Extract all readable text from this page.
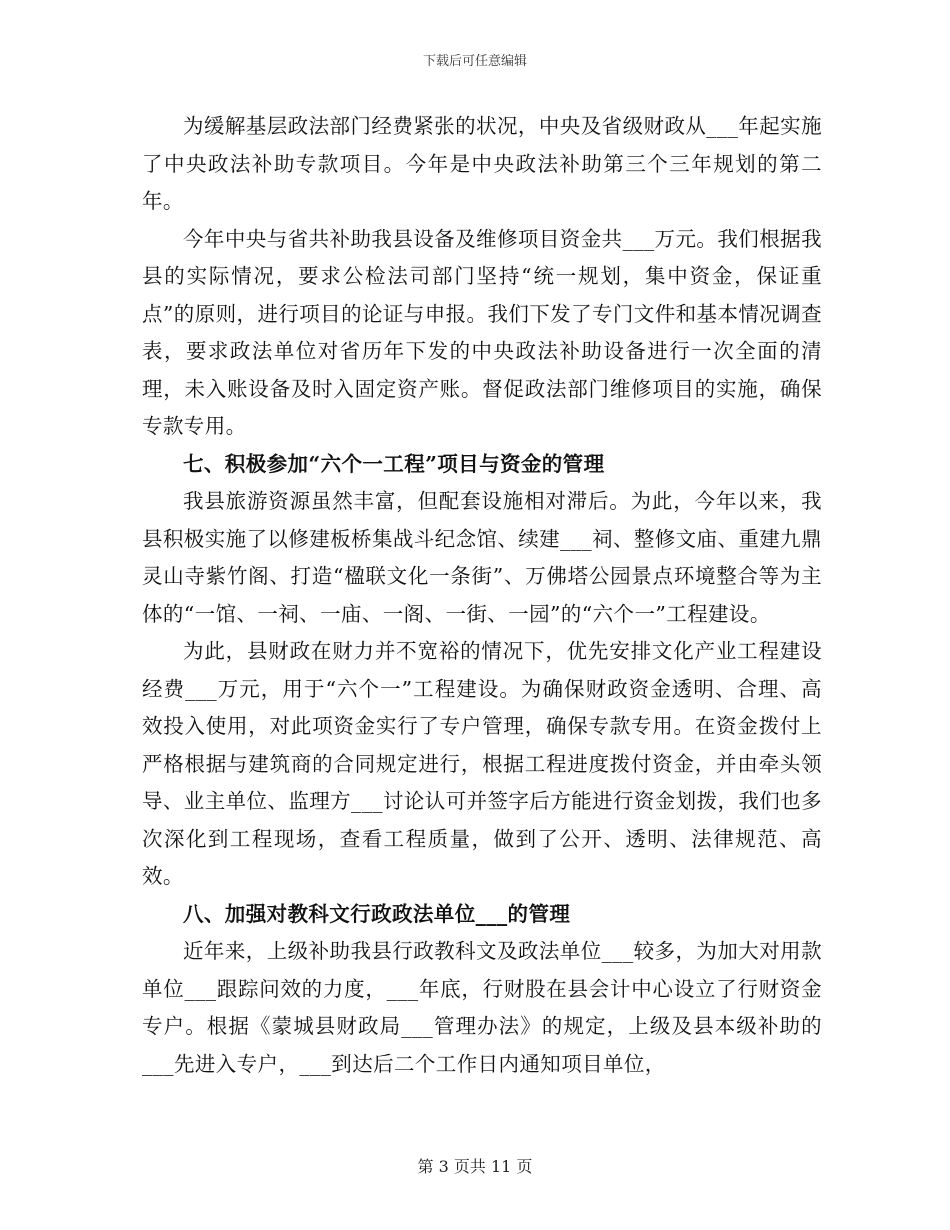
下载后可任意编辑

为缓解基层政法部门经费紧张的状况，中央及省级财政从___年起实施了中央政法补助专款项目。今年是中央政法补助第三个三年规划的第二年。

今年中央与省共补助我县设备及维修项目资金共___万元。我们根据我县的实际情况，要求公检法司部门坚持“统一规划，集中资金，保证重点”的原则，进行项目的论证与申报。我们下发了专门文件和基本情况调查表，要求政法单位对省历年下发的中央政法补助设备进行一次全面的清理，未入账设备及时入固定资产账。督促政法部门维修项目的实施，确保专款专用。

七、积极参加“六个一工程”项目与资金的管理

我县旅游资源虽然丰富，但配套设施相对滞后。为此，今年以来，我县积极实施了以修建板桥集战斗纪念馆、续建___祠、整修文庙、重建九鼎灵山寺紫竹阁、打造“楹联文化一条街”、万佛塔公园景点环境整合等为主体的“一馆、一祠、一庙、一阁、一街、一园”的“六个一”工程建设。

为此，县财政在财力并不宽裕的情况下，优先安排文化产业工程建设经费___万元，用于“六个一”工程建设。为确保财政资金透明、合理、高效投入使用，对此项资金实行了专户管理，确保专款专用。在资金拨付上严格根据与建筑商的合同规定进行，根据工程进度拨付资金，并由牵头领导、业主单位、监理方___讨论认可并签字后方能进行资金划拨，我们也多次深化到工程现场，查看工程质量，做到了公开、透明、法律规范、高效。

八、加强对教科文行政政法单位___的管理

近年来，上级补助我县行政教科文及政法单位___较多，为加大对用款单位___跟踪问效的力度，___年底，行财股在县会计中心设立了行财资金专户。根据《蒙城县财政局___管理办法》的规定，上级及县本级补助的___先进入专户，___到达后二个工作日内通知项目单位，

第 3 页共 11 页
